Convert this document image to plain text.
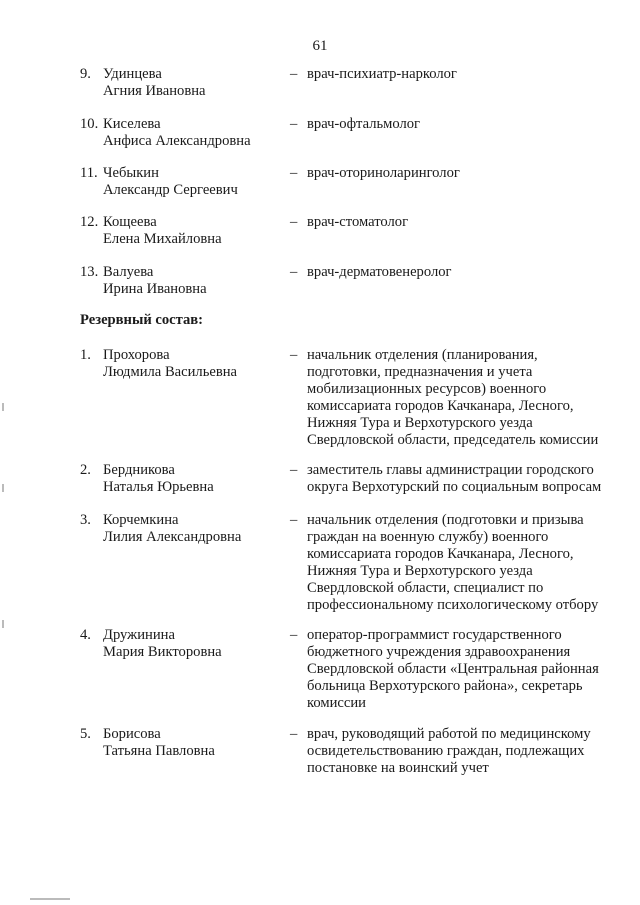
61
9. Удинцева
Агния Ивановна
– врач-психиатр-нарколог
10. Киселева
Анфиса Александровна
– врач-офтальмолог
11. Чебыкин
Александр Сергеевич
– врач-оториноларинголог
12. Кощеева
Елена Михайловна
– врач-стоматолог
13. Валуева
Ирина Ивановна
– врач-дерматовенеролог
Резервный состав:
1. Прохорова
Людмила Васильевна
– начальник отделения (планирования,
подготовки, предназначения и учета
мобилизационных ресурсов) военного
комиссариата городов Качканара, Лесного,
Нижняя Тура и Верхотурского уезда
Свердловской области, председатель комиссии
2. Бердникова
Наталья Юрьевна
– заместитель главы администрации городского
округа Верхотурский по социальным вопросам
3. Корчемкина
Лилия Александровна
– начальник отделения (подготовки и призыва
граждан на военную службу) военного
комиссариата городов Качканара, Лесного,
Нижняя Тура и Верхотурского уезда
Свердловской области, специалист по
профессиональному психологическому отбору
4. Дружинина
Мария Викторовна
– оператор-программист государственного
бюджетного учреждения здравоохранения
Свердловской области «Центральная районная
больница Верхотурского района», секретарь
комиссии
5. Борисова
Татьяна Павловна
– врач, руководящий работой по медицинскому
освидетельствованию граждан, подлежащих
постановке на воинский учет
